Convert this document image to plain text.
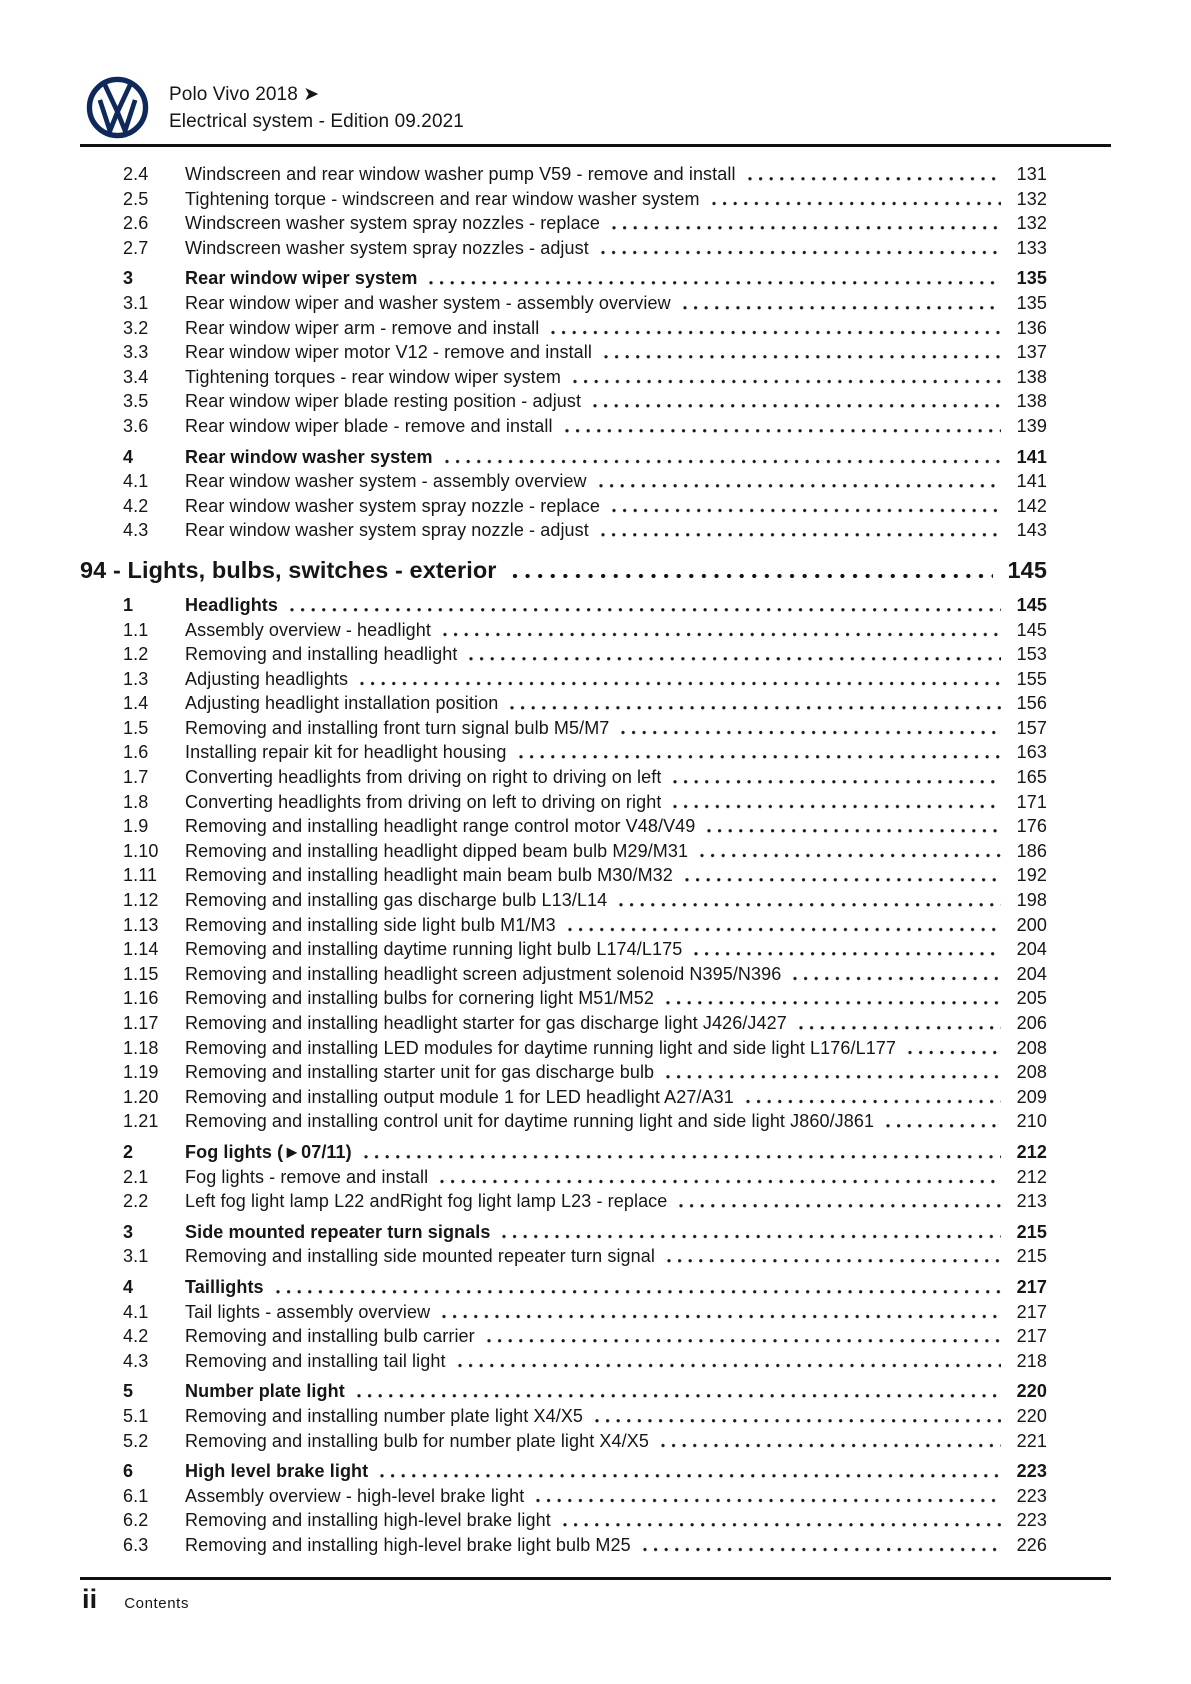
Polo Vivo 2018 ➤
Electrical system - Edition 09.2021
2.4	Windscreen and rear window washer pump V59 - remove and install	131
2.5	Tightening torque - windscreen and rear window washer system	132
2.6	Windscreen washer system spray nozzles - replace	132
2.7	Windscreen washer system spray nozzles - adjust	133
3	Rear window wiper system	135
3.1	Rear window wiper and washer system - assembly overview	135
3.2	Rear window wiper arm - remove and install	136
3.3	Rear window wiper motor V12 - remove and install	137
3.4	Tightening torques - rear window wiper system	138
3.5	Rear window wiper blade resting position - adjust	138
3.6	Rear window wiper blade - remove and install	139
4	Rear window washer system	141
4.1	Rear window washer system - assembly overview	141
4.2	Rear window washer system spray nozzle - replace	142
4.3	Rear window washer system spray nozzle - adjust	143
94 - Lights, bulbs, switches - exterior	145
1	Headlights	145
1.1	Assembly overview - headlight	145
1.2	Removing and installing headlight	153
1.3	Adjusting headlights	155
1.4	Adjusting headlight installation position	156
1.5	Removing and installing front turn signal bulb M5/M7	157
1.6	Installing repair kit for headlight housing	163
1.7	Converting headlights from driving on right to driving on left	165
1.8	Converting headlights from driving on left to driving on right	171
1.9	Removing and installing headlight range control motor V48/V49	176
1.10	Removing and installing headlight dipped beam bulb M29/M31	186
1.11	Removing and installing headlight main beam bulb M30/M32	192
1.12	Removing and installing gas discharge bulb L13/L14	198
1.13	Removing and installing side light bulb M1/M3	200
1.14	Removing and installing daytime running light bulb L174/L175	204
1.15	Removing and installing headlight screen adjustment solenoid N395/N396	204
1.16	Removing and installing bulbs for cornering light M51/M52	205
1.17	Removing and installing headlight starter for gas discharge light J426/J427	206
1.18	Removing and installing LED modules for daytime running light and side light L176/L177	208
1.19	Removing and installing starter unit for gas discharge bulb	208
1.20	Removing and installing output module 1 for LED headlight A27/A31	209
1.21	Removing and installing control unit for daytime running light and side light J860/J861	210
2	Fog lights (►07/11)	212
2.1	Fog lights - remove and install	212
2.2	Left fog light lamp L22 andRight fog light lamp L23 - replace	213
3	Side mounted repeater turn signals	215
3.1	Removing and installing side mounted repeater turn signal	215
4	Taillights	217
4.1	Tail lights - assembly overview	217
4.2	Removing and installing bulb carrier	217
4.3	Removing and installing tail light	218
5	Number plate light	220
5.1	Removing and installing number plate light X4/X5	220
5.2	Removing and installing bulb for number plate light X4/X5	221
6	High level brake light	223
6.1	Assembly overview - high-level brake light	223
6.2	Removing and installing high-level brake light	223
6.3	Removing and installing high-level brake light bulb M25	226
ii Contents
